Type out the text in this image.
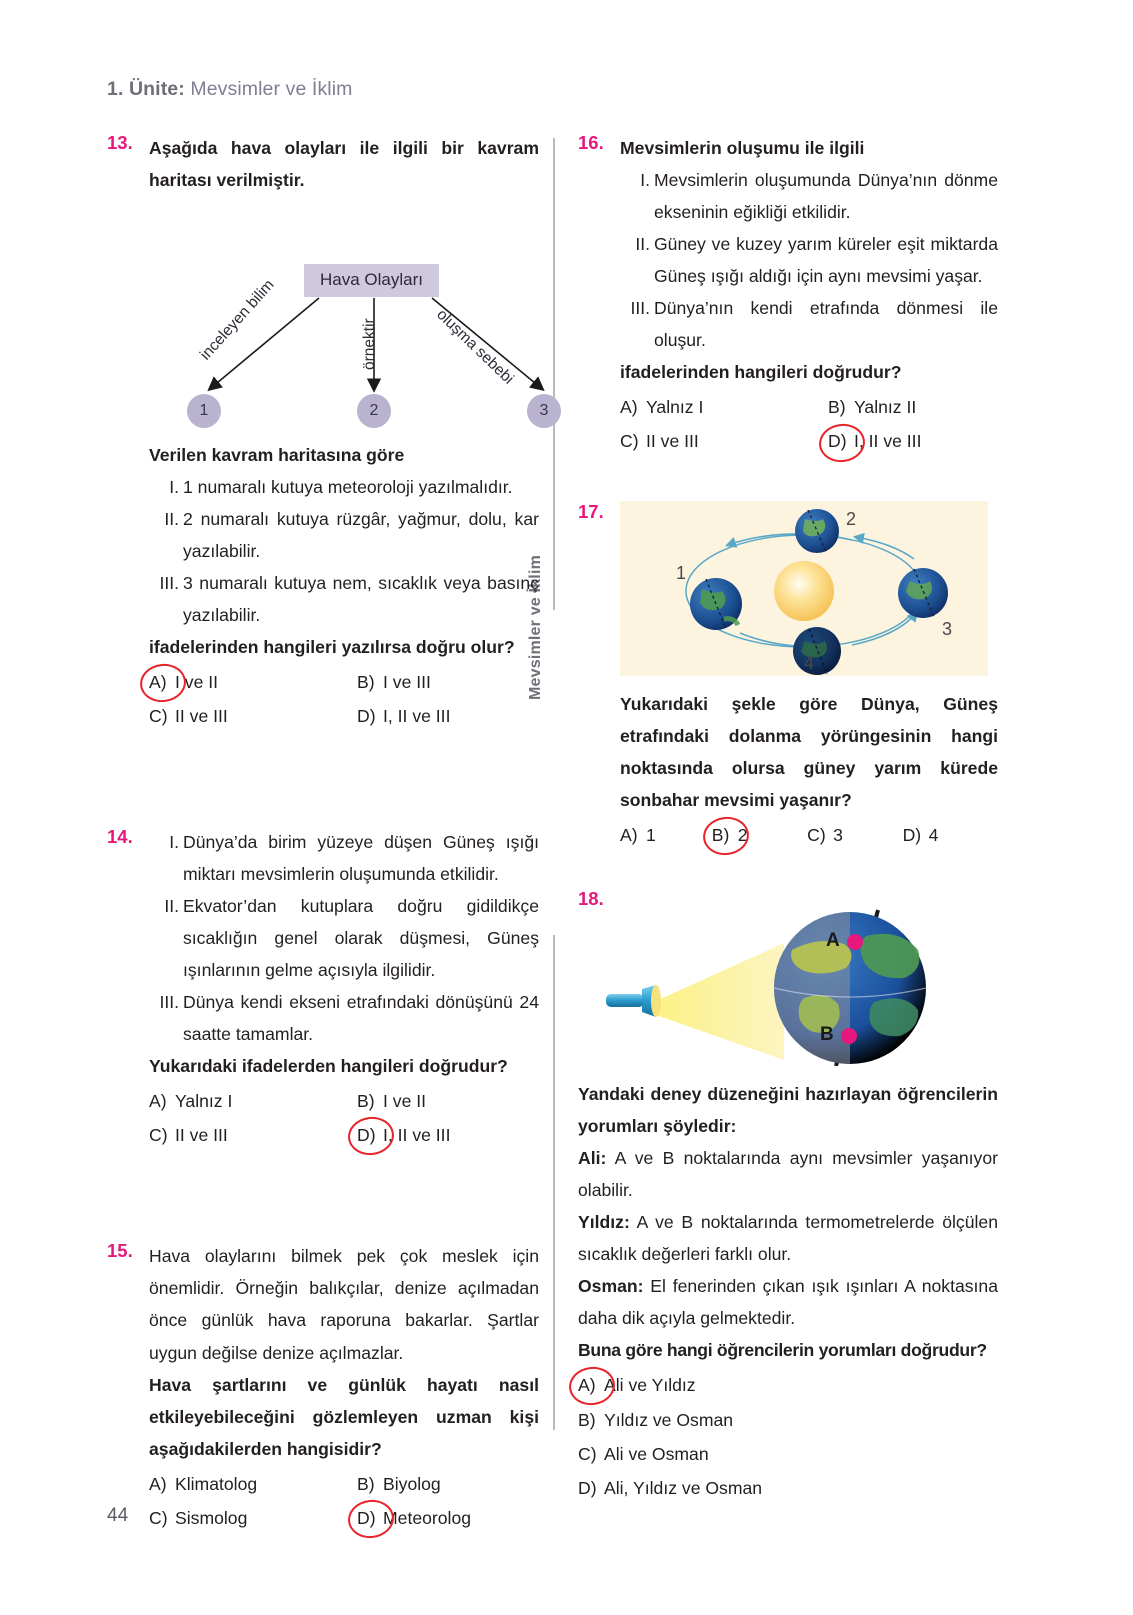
1. Ünite: Mevsimler ve İklim
Mevsimler ve İklim
13. Aşağıda hava olayları ile ilgili bir kavram haritası verilmiştir.
Hava Olayları
inceleyen bilim	örnektir	oluşma sebebi
1	2	3
Verilen kavram haritasına göre
I. 1 numaralı kutuya meteoroloji yazılmalıdır.
II. 2 numaralı kutuya rüzgâr, yağmur, dolu, kar yazılabilir.
III. 3 numaralı kutuya nem, sıcaklık veya basınç yazılabilir.
ifadelerinden hangileri yazılırsa doğru olur?
A) I ve II	B) I ve III
C) II ve III	D) I, II ve III
14.	I. Dünya’da birim yüzeye düşen Güneş ışığı miktarı mevsimlerin oluşumunda etkilidir.
II. Ekvator’dan kutuplara doğru gidildikçe sıcaklığın genel olarak düşmesi, Güneş ışınlarının gelme açısıyla ilgilidir.
III. Dünya kendi ekseni etrafındaki dönüşünü 24 saatte tamamlar.
Yukarıdaki ifadelerden hangileri doğrudur?
A) Yalnız I	B) I ve II
C) II ve III	D) I, II ve III
15. Hava olaylarını bilmek pek çok meslek için önemlidir. Örneğin balıkçılar, denize açılmadan önce günlük hava raporuna bakarlar. Şartlar uygun değilse denize açılmazlar.
Hava şartlarını ve günlük hayatı nasıl etkileyebileceğini gözlemleyen uzman kişi aşağıdakilerden hangisidir?
A) Klimatolog	B) Biyolog
C) Sismolog	D) Meteorolog
16. Mevsimlerin oluşumu ile ilgili
I. Mevsimlerin oluşumunda Dünya’nın dönme ekseninin eğikliği etkilidir.
II. Güney ve kuzey yarım küreler eşit miktarda Güneş ışığı aldığı için aynı mevsimi yaşar.
III. Dünya’nın kendi etrafında dönmesi ile oluşur.
ifadelerinden hangileri doğrudur?
A) Yalnız I	B) Yalnız II
C) II ve III	D) I, II ve III
17.
1
2
3
4
Yukarıdaki şekle göre Dünya, Güneş etrafındaki dolanma yörüngesinin hangi noktasında olursa güney yarım kürede sonbahar mevsimi yaşanır?
A) 1	B) 2	C) 3	D) 4
18.
A
B
Yandaki deney düzeneğini hazırlayan öğrencilerin yorumları şöyledir:
Ali: A ve B noktalarında aynı mevsimler yaşanıyor olabilir.
Yıldız: A ve B noktalarında termometrelerde ölçülen sıcaklık değerleri farklı olur.
Osman: El fenerinden çıkan ışık ışınları A noktasına daha dik açıyla gelmektedir.
Buna göre hangi öğrencilerin yorumları doğrudur?
A) Ali ve Yıldız
B) Yıldız ve Osman
C) Ali ve Osman
D) Ali, Yıldız ve Osman
44
